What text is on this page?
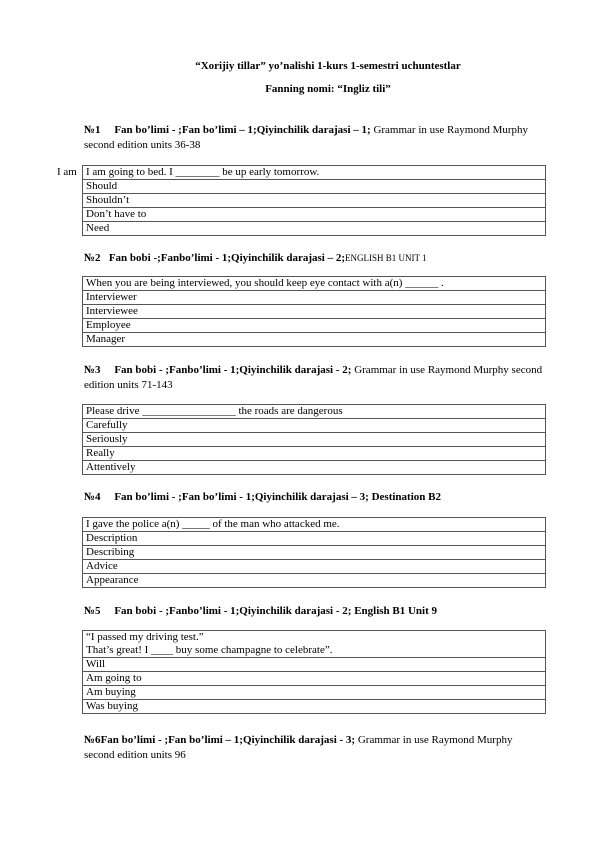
“Xorijiy tillar” yo’nalishi 1-kurs 1-semestri uchuntestlar
Fanning nomi: “Ingliz tili”
№1 Fan bo’limi - ;Fan bo’limi – 1;Qiyinchilik darajasi – 1; Grammar in use Raymond Murphy second edition units 36-38
I am I am going to bed. I ________ be up early tomorrow.
Should
Shouldn’t
Don’t have to
Need
№2 Fan bobi -;Fanbo’limi - 1;Qiyinchilik darajasi – 2;ENGLISH B1 UNIT 1
When you are being interviewed, you should keep eye contact with a(n) ______ .
Interviewer
Interviewee
Employee
Manager
№3 Fan bobi - ;Fanbo’limi - 1;Qiyinchilik darajasi - 2; Grammar in use Raymond Murphy second edition units 71-143
Please drive _________________ the roads are dangerous
Carefully
Seriously
Really
Attentively
№4 Fan bo’limi - ;Fan bo’limi - 1;Qiyinchilik darajasi – 3; Destination B2
I gave the police a(n) _____ of the man who attacked me.
Description
Describing
Advice
Appearance
№5 Fan bobi - ;Fanbo’limi - 1;Qiyinchilik darajasi - 2; English B1 Unit 9
“I passed my driving test.”
That’s great! I ____ buy some champagne to celebrate”.

Will
Am going to
Am buying
Was buying
№6Fan bo’limi - ;Fan bo’limi – 1;Qiyinchilik darajasi - 3; Grammar in use Raymond Murphy second edition units 96
